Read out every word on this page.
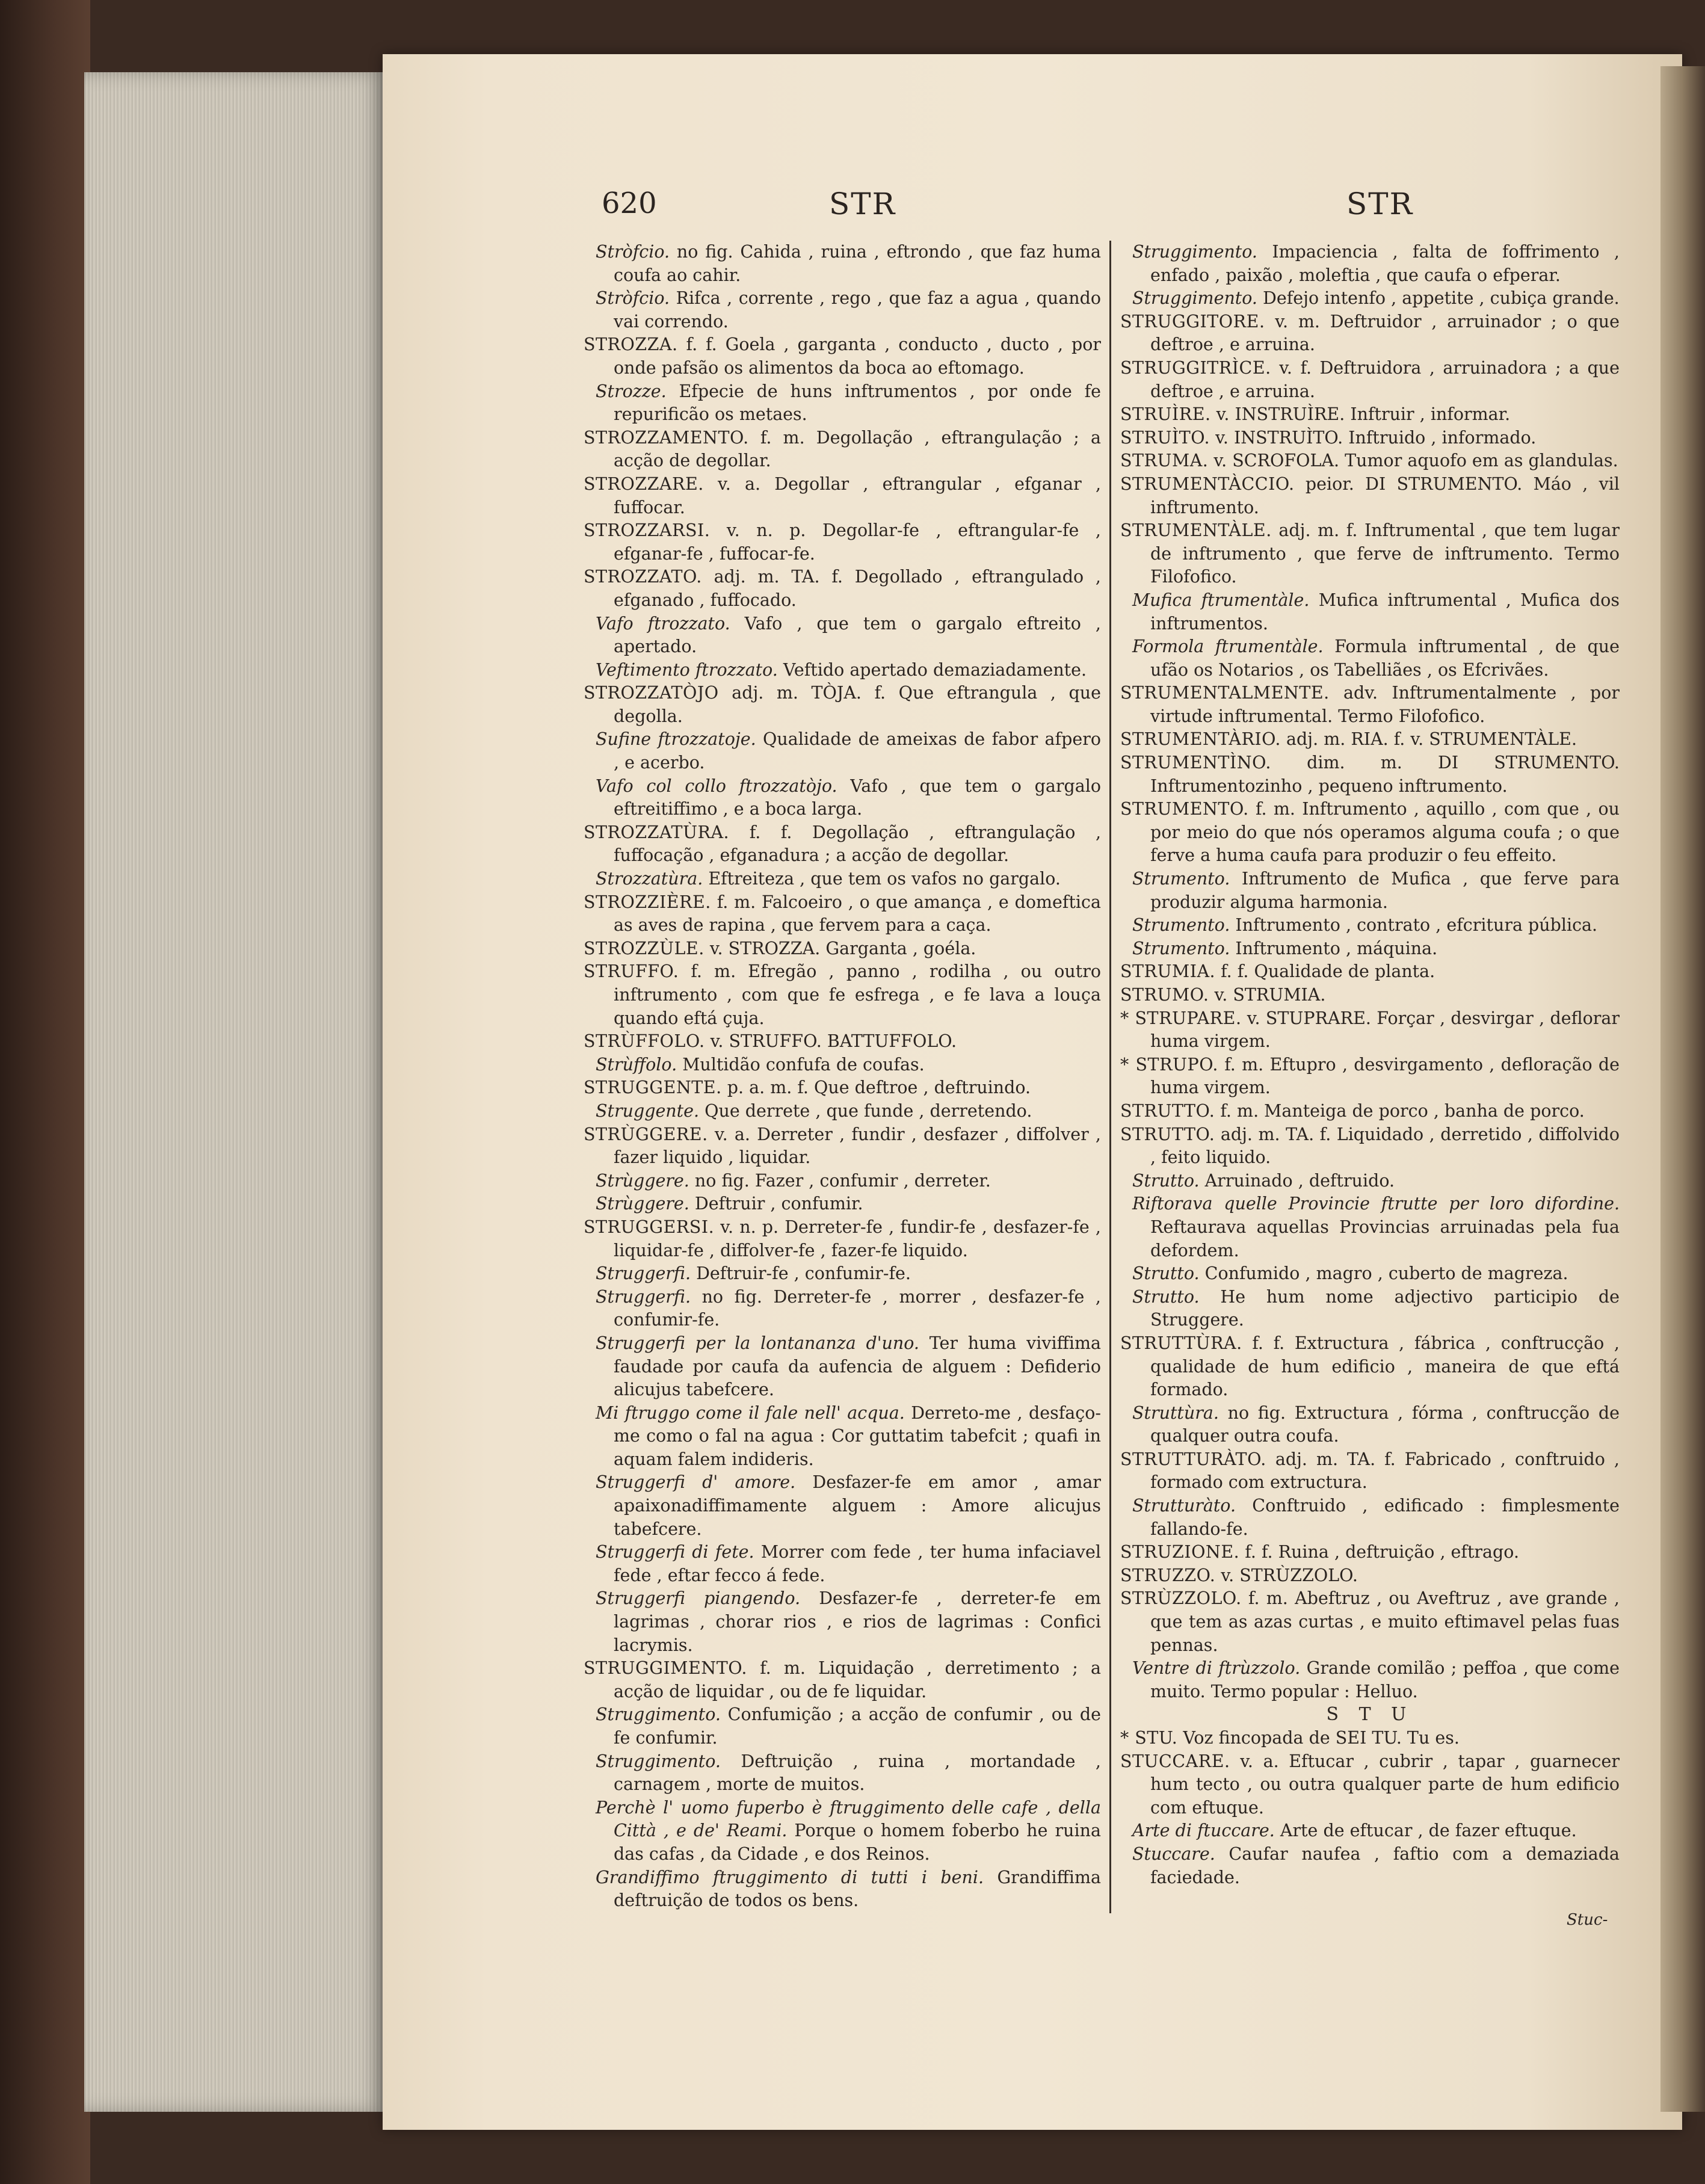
620	STR	STR
Stròfcio. no fig. Cahida , ruina , eftrondo , que faz huma coufa ao cahir.
Stròfcio. Rifca , corrente , rego , que faz a agua , quando vai correndo.
STROZZA. f. f. Goela , garganta , conducto , ducto , por onde pafsão os alimentos da boca ao eftomago.
Strozze. Efpecie de huns inftrumentos , por onde fe repurificão os metaes.
STROZZAMENTO. f. m. Degollação , eftrangulação ; a acção de degollar.
STROZZARE. v. a. Degollar , eftrangular , efganar , fuffocar.
STROZZARSI. v. n. p. Degollar-fe , eftrangular-fe , efganar-fe , fuffocar-fe.
STROZZATO. adj. m. TA. f. Degollado , eftrangulado , efganado , fuffocado.
Vafo ftrozzato. Vafo , que tem o gargalo eftreito , apertado.
Veftimento ftrozzato. Veftido apertado demaziadamente.
STROZZATÒJO adj. m. TÒJA. f. Que eftrangula , que degolla.
Sufine ftrozzatoje. Qualidade de ameixas de fabor afpero , e acerbo.
Vafo col collo ftrozzatòjo. Vafo , que tem o gargalo eftreitiffimo , e a boca larga.
STROZZATÙRA. f. f. Degollação , eftrangulação , fuffocação , efganadura ; a acção de degollar.
Strozzatùra. Eftreiteza , que tem os vafos no gargalo.
STROZZIÈRE. f. m. Falcoeiro , o que amança , e domeftica as aves de rapina , que fervem para a caça.
STROZZÙLE. v. STROZZA. Garganta , goéla.
STRUFFO. f. m. Efregão , panno , rodilha , ou outro inftrumento , com que fe esfrega , e fe lava a louça quando eftá çuja.
STRÙFFOLO. v. STRUFFO. BATTUFFOLO.
Strùffolo. Multidão confufa de coufas.
STRUGGENTE. p. a. m. f. Que deftroe , deftruindo.
Struggente. Que derrete , que funde , derretendo.
STRÙGGERE. v. a. Derreter , fundir , desfazer , diffolver , fazer liquido , liquidar.
Strùggere. no fig. Fazer , confumir , derreter.
Strùggere. Deftruir , confumir.
STRUGGERSI. v. n. p. Derreter-fe , fundir-fe , desfazer-fe , liquidar-fe , diffolver-fe , fazer-fe liquido.
Struggerfi. Deftruir-fe , confumir-fe.
Struggerfi. no fig. Derreter-fe , morrer , desfazer-fe , confumir-fe.
Struggerfi per la lontananza d'uno. Ter huma viviffima faudade por caufa da aufencia de alguem : Defiderio alicujus tabefcere.
Mi ftruggo come il fale nell' acqua. Derreto-me , desfaço-me como o fal na agua : Cor guttatim tabefcit ; quafi in aquam falem indideris.
Struggerfi d' amore. Desfazer-fe em amor , amar apaixonadiffimamente alguem : Amore alicujus tabefcere.
Struggerfi di fete. Morrer com fede , ter huma infaciavel fede , eftar fecco á fede.
Struggerfi piangendo. Desfazer-fe , derreter-fe em lagrimas , chorar rios , e rios de lagrimas : Confici lacrymis.
STRUGGIMENTO. f. m. Liquidação , derretimento ; a acção de liquidar , ou de fe liquidar.
Struggimento. Confumição ; a acção de confumir , ou de fe confumir.
Struggimento. Deftruição , ruina , mortandade , carnagem , morte de muitos.
Perchè l' uomo fuperbo è ftruggimento delle cafe , della Città , e de' Reami. Porque o homem foberbo he ruina das cafas , da Cidade , e dos Reinos.
Grandiffimo ftruggimento di tutti i beni. Grandiffima deftruição de todos os bens.
Struggimento. Impaciencia , falta de foffrimento , enfado , paixão , moleftia , que caufa o efperar.
Struggimento. Defejo intenfo , appetite , cubiça grande.
STRUGGITORE. v. m. Deftruidor , arruinador ; o que deftroe , e arruina.
STRUGGITRÌCE. v. f. Deftruidora , arruinadora ; a que deftroe , e arruina.
STRUÌRE. v. INSTRUÌRE. Inftruir , informar.
STRUÌTO. v. INSTRUÌTO. Inftruido , informado.
STRUMA. v. SCROFOLA. Tumor aquofo em as glandulas.
STRUMENTÀCCIO. peior. DI STRUMENTO. Máo , vil inftrumento.
STRUMENTÀLE. adj. m. f. Inftrumental , que tem lugar de inftrumento , que ferve de inftrumento. Termo Filofofico.
Mufica ftrumentàle. Mufica inftrumental , Mufica dos inftrumentos.
Formola ftrumentàle. Formula inftrumental , de que ufão os Notarios , os Tabelliães , os Efcrivães.
STRUMENTALMENTE. adv. Inftrumentalmente , por virtude inftrumental. Termo Filofofico.
STRUMENTÀRIO. adj. m. RIA. f. v. STRUMENTÀLE.
STRUMENTÌNO. dim. m. DI STRUMENTO. Inftrumentozinho , pequeno inftrumento.
STRUMENTO. f. m. Inftrumento , aquillo , com que , ou por meio do que nós operamos alguma coufa ; o que ferve a huma caufa para produzir o feu effeito.
Strumento. Inftrumento de Mufica , que ferve para produzir alguma harmonia.
Strumento. Inftrumento , contrato , efcritura pública.
Strumento. Inftrumento , máquina.
STRUMIA. f. f. Qualidade de planta.
STRUMO. v. STRUMIA.
* STRUPARE. v. STUPRARE. Forçar , desvirgar , deflorar huma virgem.
* STRUPO. f. m. Eftupro , desvirgamento , defloração de huma virgem.
STRUTTO. f. m. Manteiga de porco , banha de porco.
STRUTTO. adj. m. TA. f. Liquidado , derretido , diffolvido , feito liquido.
Strutto. Arruinado , deftruido.
Riftorava quelle Provincie ftrutte per loro difordine. Reftaurava aquellas Provincias arruinadas pela fua defordem.
Strutto. Confumido , magro , cuberto de magreza.
Strutto. He hum nome adjectivo participio de Struggere.
STRUTTÙRA. f. f. Extructura , fábrica , conftrucção , qualidade de hum edificio , maneira de que eftá formado.
Struttùra. no fig. Extructura , fórma , conftrucção de qualquer outra coufa.
STRUTTURÀTO. adj. m. TA. f. Fabricado , conftruido , formado com extructura.
Strutturàto. Conftruido , edificado : fimplesmente fallando-fe.
STRUZIONE. f. f. Ruina , deftruição , eftrago.
STRUZZO. v. STRÙZZOLO.
STRÙZZOLO. f. m. Abeftruz , ou Aveftruz , ave grande , que tem as azas curtas , e muito eftimavel pelas fuas pennas.
Ventre di ftrùzzolo. Grande comilão ; peffoa , que come muito. Termo popular : Helluo.
S T U
* STU. Voz fincopada de SEI TU. Tu es.
STUCCARE. v. a. Eftucar , cubrir , tapar , guarnecer hum tecto , ou outra qualquer parte de hum edificio com eftuque.
Arte di ftuccare. Arte de eftucar , de fazer eftuque.
Stuccare. Caufar naufea , faftio com a demaziada faciedade.
Stuc-
